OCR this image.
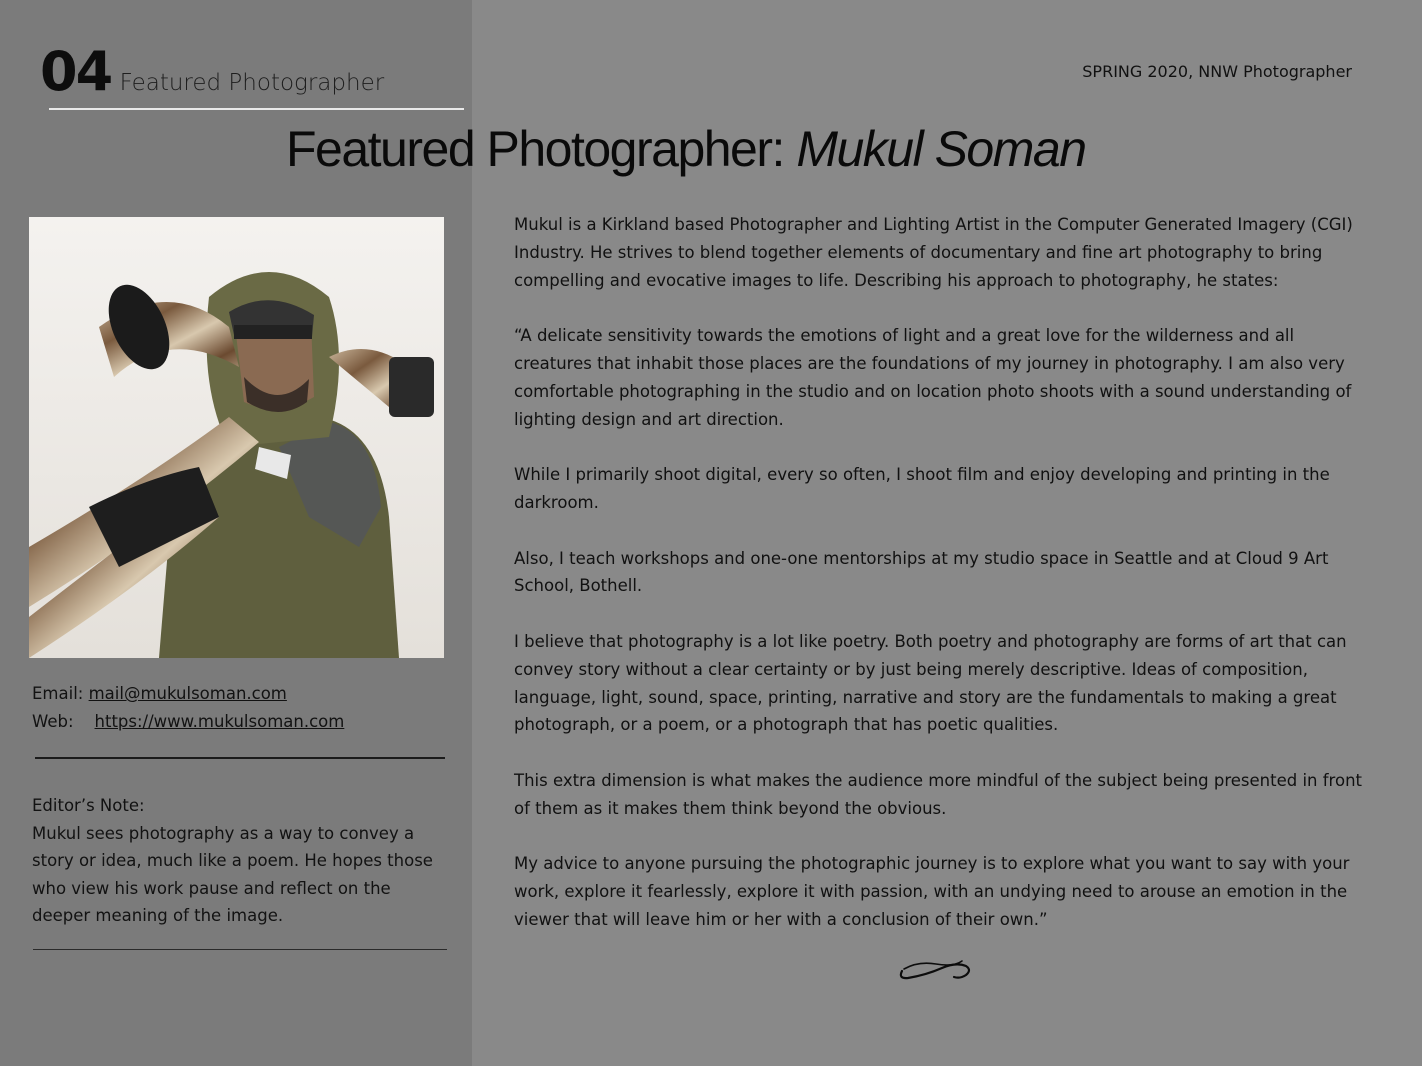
04 Featured Photographer	SPRING 2020, NNW Photographer
Featured Photographer: Mukul Soman
Email: mail@mukulsoman.com
Web: https://www.mukulsoman.com
Editor’s Note:
Mukul sees photography as a way to convey a story or idea, much like a poem. He hopes those who view his work pause and reflect on the deeper meaning of the image.

Mukul is a Kirkland based Photographer and Lighting Artist in the Computer Generated Imagery (CGI) Industry. He strives to blend together elements of documentary and fine art photography to bring compelling and evocative images to life. Describing his approach to photography, he states:

“A delicate sensitivity towards the emotions of light and a great love for the wilderness and all creatures that inhabit those places are the foundations of my journey in photography. I am also very comfortable photographing in the studio and on location photo shoots with a sound understanding of lighting design and art direction.

While I primarily shoot digital, every so often, I shoot film and enjoy developing and printing in the darkroom.

Also, I teach workshops and one-one mentorships at my studio space in Seattle and at Cloud 9 Art School, Bothell.

I believe that photography is a lot like poetry. Both poetry and photography are forms of art that can convey story without a clear certainty or by just being merely descriptive. Ideas of composition, language, light, sound, space, printing, narrative and story are the fundamentals to making a great photograph, or a poem, or a photograph that has poetic qualities.

This extra dimension is what makes the audience more mindful of the subject being presented in front of them as it makes them think beyond the obvious.

My advice to anyone pursuing the photographic journey is to explore what you want to say with your work, explore it fearlessly, explore it with passion, with an undying need to arouse an emotion in the viewer that will leave him or her with a conclusion of their own.”
